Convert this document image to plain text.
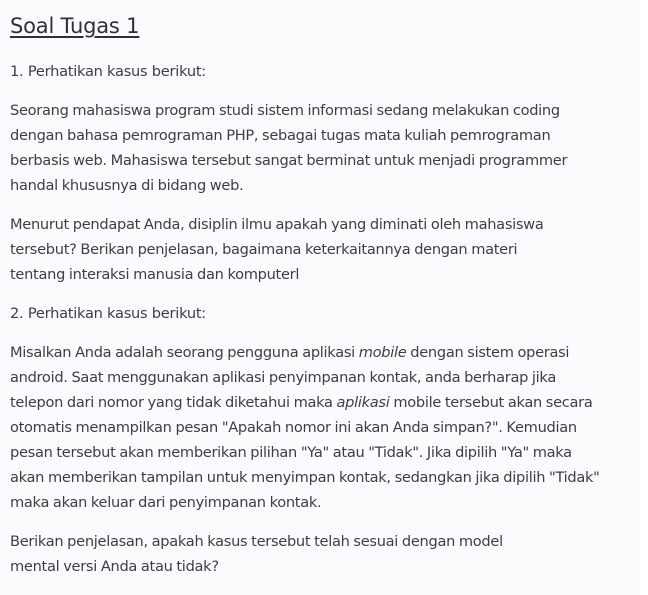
Soal Tugas 1
1. Perhatikan kasus berikut:
Seorang mahasiswa program studi sistem informasi sedang melakukan coding
dengan bahasa pemrograman PHP, sebagai tugas mata kuliah pemrograman
berbasis web. Mahasiswa tersebut sangat berminat untuk menjadi programmer
handal khususnya di bidang web.
Menurut pendapat Anda, disiplin ilmu apakah yang diminati oleh mahasiswa
tersebut? Berikan penjelasan, bagaimana keterkaitannya dengan materi
tentang interaksi manusia dan komputerl
2. Perhatikan kasus berikut:
Misalkan Anda adalah seorang pengguna aplikasi mobile dengan sistem operasi
android. Saat menggunakan aplikasi penyimpanan kontak, anda berharap jika
telepon dari nomor yang tidak diketahui maka aplikasi mobile tersebut akan secara
otomatis menampilkan pesan "Apakah nomor ini akan Anda simpan?". Kemudian
pesan tersebut akan memberikan pilihan "Ya" atau "Tidak". Jika dipilih "Ya" maka
akan memberikan tampilan untuk menyimpan kontak, sedangkan jika dipilih "Tidak"
maka akan keluar dari penyimpanan kontak.
Berikan penjelasan, apakah kasus tersebut telah sesuai dengan model
mental versi Anda atau tidak?
